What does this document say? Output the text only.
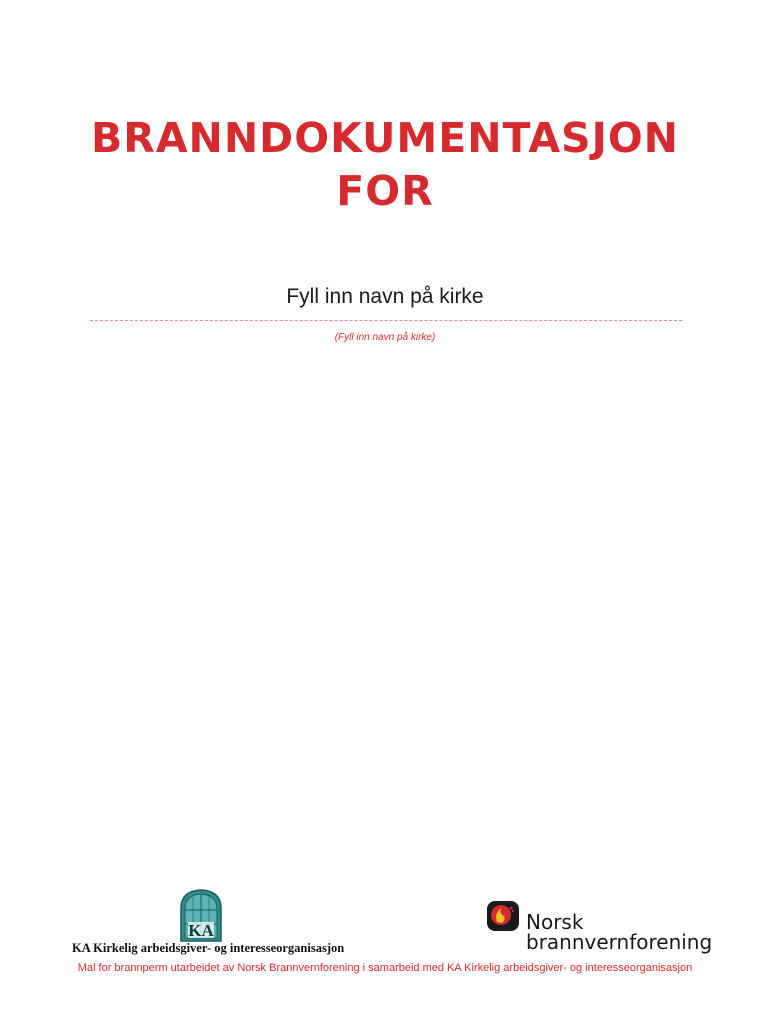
BRANNDOKUMENTASJON
FOR
Fyll inn navn på kirke
(Fyll inn navn på kirke)
KA
KA Kirkelig arbeidsgiver- og interesseorganisasjon
Norsk
brannvernforening
Mal for brannperm utarbeidet av Norsk Brannvernforening i samarbeid med KA Kirkelig arbeidsgiver- og interesseorganisasjon
